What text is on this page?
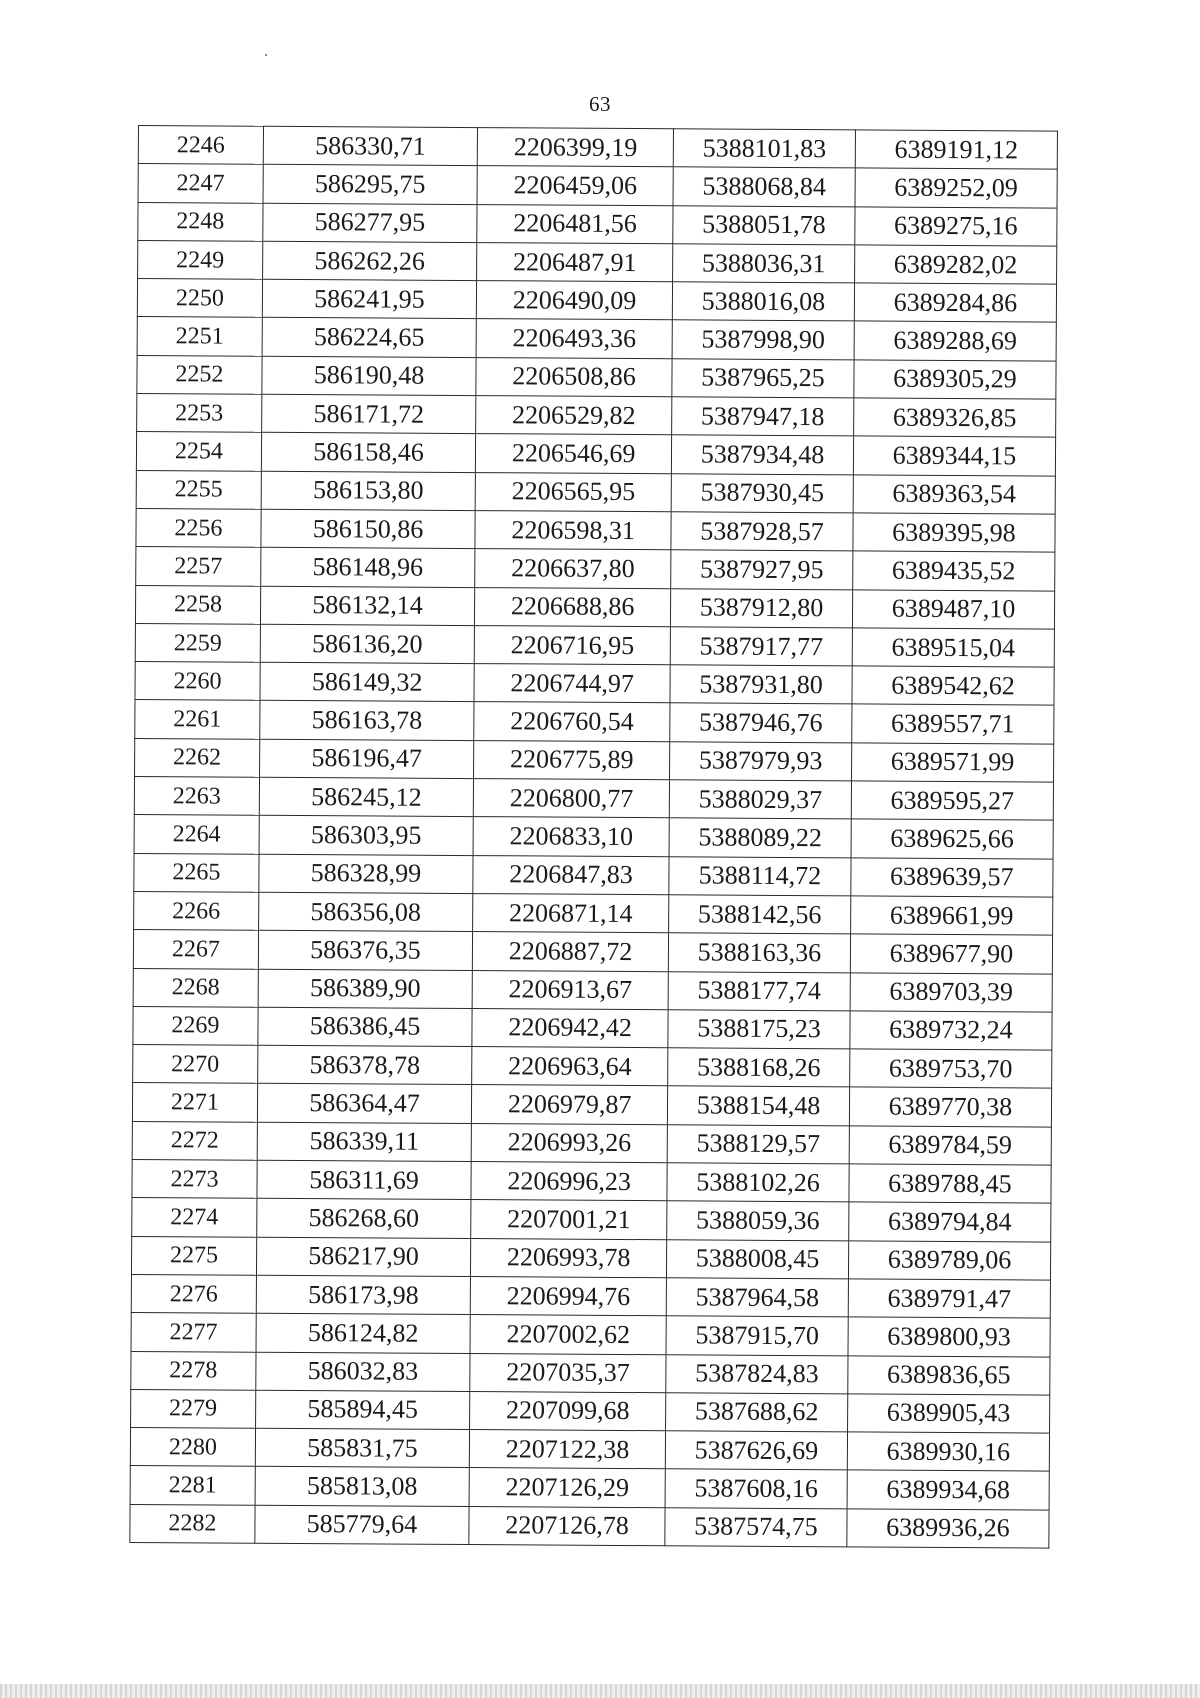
63
2246	586330,71	2206399,19	5388101,83	6389191,12
2247	586295,75	2206459,06	5388068,84	6389252,09
2248	586277,95	2206481,56	5388051,78	6389275,16
2249	586262,26	2206487,91	5388036,31	6389282,02
2250	586241,95	2206490,09	5388016,08	6389284,86
2251	586224,65	2206493,36	5387998,90	6389288,69
2252	586190,48	2206508,86	5387965,25	6389305,29
2253	586171,72	2206529,82	5387947,18	6389326,85
2254	586158,46	2206546,69	5387934,48	6389344,15
2255	586153,80	2206565,95	5387930,45	6389363,54
2256	586150,86	2206598,31	5387928,57	6389395,98
2257	586148,96	2206637,80	5387927,95	6389435,52
2258	586132,14	2206688,86	5387912,80	6389487,10
2259	586136,20	2206716,95	5387917,77	6389515,04
2260	586149,32	2206744,97	5387931,80	6389542,62
2261	586163,78	2206760,54	5387946,76	6389557,71
2262	586196,47	2206775,89	5387979,93	6389571,99
2263	586245,12	2206800,77	5388029,37	6389595,27
2264	586303,95	2206833,10	5388089,22	6389625,66
2265	586328,99	2206847,83	5388114,72	6389639,57
2266	586356,08	2206871,14	5388142,56	6389661,99
2267	586376,35	2206887,72	5388163,36	6389677,90
2268	586389,90	2206913,67	5388177,74	6389703,39
2269	586386,45	2206942,42	5388175,23	6389732,24
2270	586378,78	2206963,64	5388168,26	6389753,70
2271	586364,47	2206979,87	5388154,48	6389770,38
2272	586339,11	2206993,26	5388129,57	6389784,59
2273	586311,69	2206996,23	5388102,26	6389788,45
2274	586268,60	2207001,21	5388059,36	6389794,84
2275	586217,90	2206993,78	5388008,45	6389789,06
2276	586173,98	2206994,76	5387964,58	6389791,47
2277	586124,82	2207002,62	5387915,70	6389800,93
2278	586032,83	2207035,37	5387824,83	6389836,65
2279	585894,45	2207099,68	5387688,62	6389905,43
2280	585831,75	2207122,38	5387626,69	6389930,16
2281	585813,08	2207126,29	5387608,16	6389934,68
2282	585779,64	2207126,78	5387574,75	6389936,26
